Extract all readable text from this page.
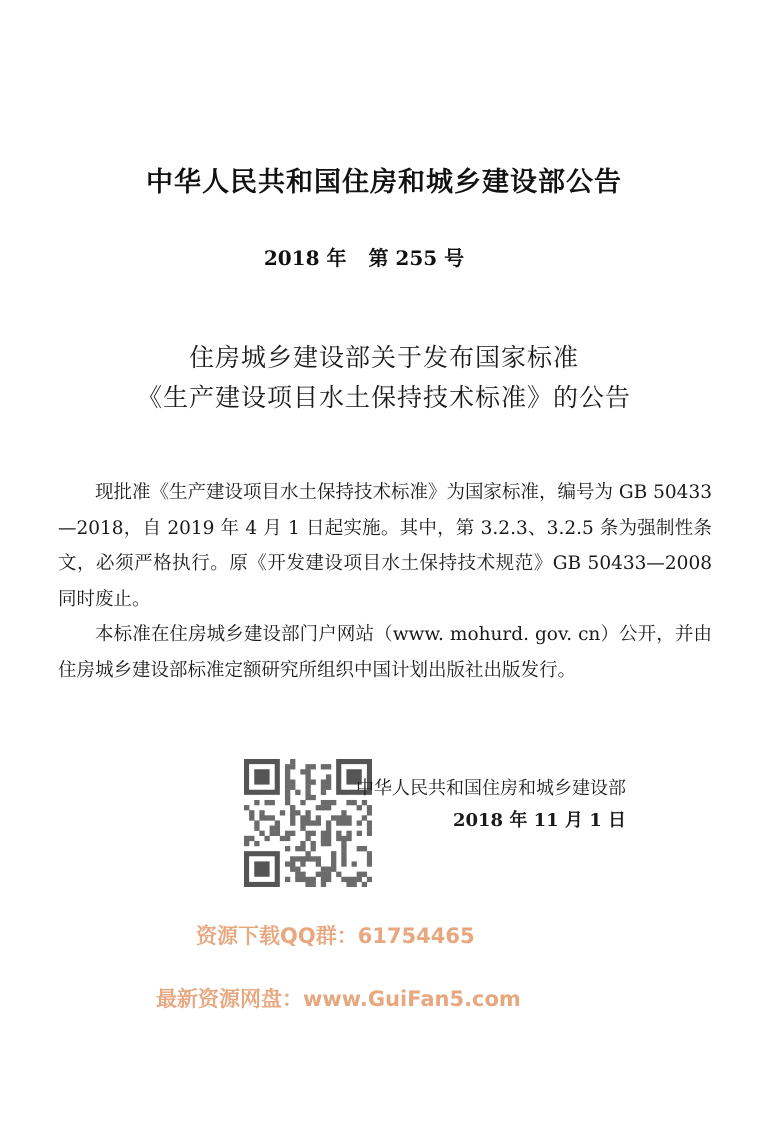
中华人民共和国住房和城乡建设部公告
2018 年 第 255 号
住房城乡建设部关于发布国家标准
《生产建设项目水土保持技术标准》的公告

现批准《生产建设项目水土保持技术标准》为国家标准，编号为 GB 50433—2018，自 2019 年 4 月 1 日起实施。其中，第 3.2.3、3.2.5 条为强制性条文，必须严格执行。原《开发建设项目水土保持技术规范》GB 50433—2008 同时废止。

本标准在住房城乡建设部门户网站（www. mohurd. gov. cn）公开，并由住房城乡建设部标准定额研究所组织中国计划出版社出版发行。

中华人民共和国住房和城乡建设部
2018 年 11 月 1 日
资源下载QQ群：61754465
最新资源网盘：www.GuiFan5.com
